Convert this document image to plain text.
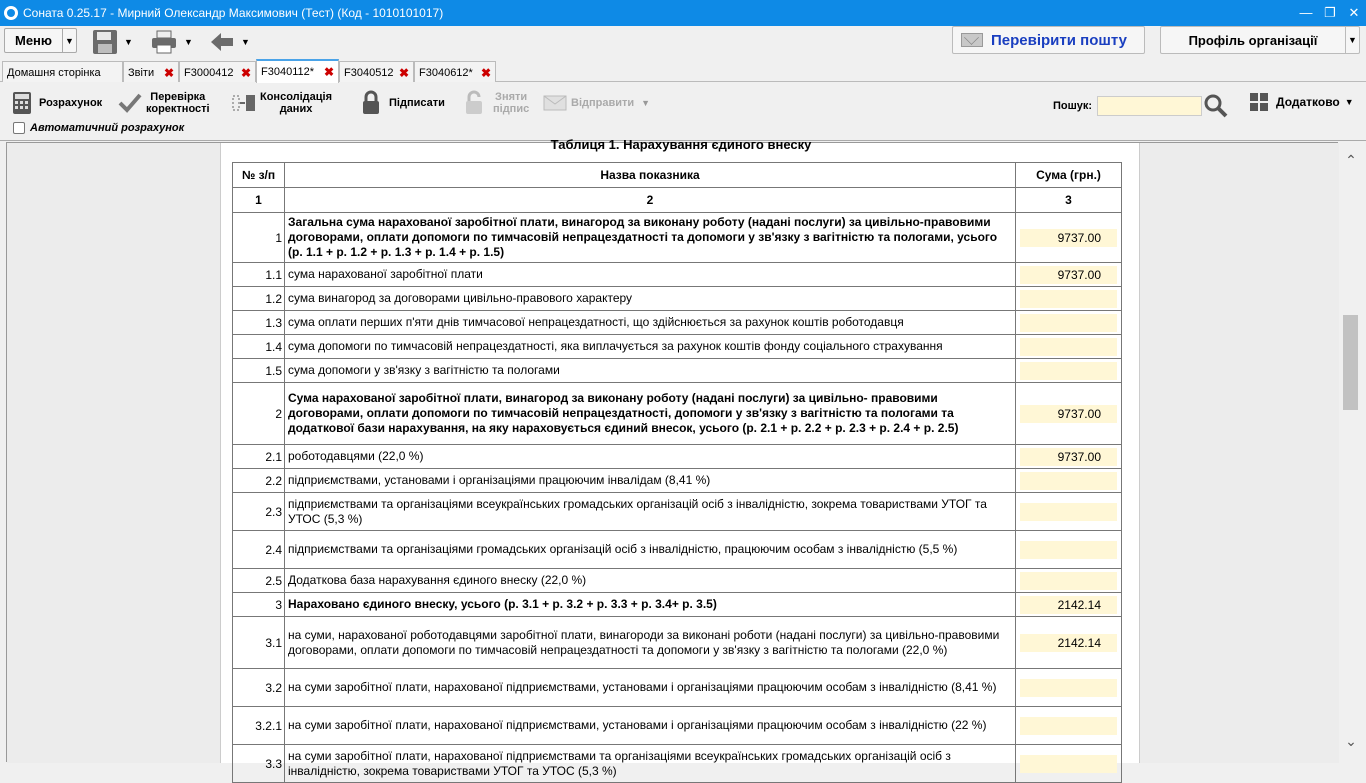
Соната 0.25.17 - Мирний Олександр Максимович (Тест) (Код - 1010101017)	— ❐ ✕
Меню	▼	▼	▼	▼	Перевірити пошту	Профіль організації	▼
Домашня сторінка	Звіти ✖ F3000412 ✖ F3040112* ✖ F3040512 ✖ F3040612* ✖
Розрахунок	Перевірка
коректності
Консолідація
даних	Підписати	Зняти
підпис	Відправити ▼	Пошук:	Додатково ▼
Автоматичний розрахунок
Таблиця 1. Нарахування єдиного внеску
№ з/п	Назва показника	Сума (грн.)
1	2	3
1	Загальна сума нарахованої заробітної плати, винагород за виконану роботу (надані послуги) за цивільно-правовими договорами, оплати допомоги по тимчасовій непрацездатності та допомоги у зв'язку з вагітністю та пологами, усього (р. 1.1 + р. 1.2 + р. 1.3 + р. 1.4 + р. 1.5)	9737.00

1.1	сума нарахованої заробітної плати	9737.00

1.2	сума винагород за договорами цивільно-правового характеру	

1.3	сума оплати перших п'яти днів тимчасової непрацездатності, що здійснюється за рахунок коштів роботодавця	

1.4	сума допомоги по тимчасовій непрацездатності, яка виплачується за рахунок коштів фонду соціального страхування	

1.5	сума допомоги у зв'язку з вагітністю та пологами	

2	Сума нарахованої заробітної плати, винагород за виконану роботу (надані послуги) за цивільно- правовими договорами, оплати допомоги по тимчасовій непрацездатності, допомоги у зв'язку з вагітністю та пологами та додаткової бази нарахування, на яку нараховується єдиний внесок, усього (р. 2.1 + р. 2.2 + р. 2.3 + р. 2.4 + р. 2.5)	9737.00

2.1	роботодавцями (22,0 %)	9737.00

2.2	підприємствами, установами і організаціями працюючим інвалідам (8,41 %)	

2.3	підприємствами та організаціями всеукраїнських громадських організацій осіб з інвалідністю, зокрема товариствами УТОГ та УТОС (5,3 %)	

2.4	підприємствами та організаціями громадських організацій осіб з інвалідністю, працюючим особам з інвалідністю (5,5 %)	

2.5	Додаткова база нарахування єдиного внеску (22,0 %)	

3	Нараховано єдиного внеску, усього (р. 3.1 + р. 3.2 + р. 3.3 + р. 3.4+ р. 3.5)	2142.14

3.1	на суми, нарахованої роботодавцями заробітної плати, винагороди за виконані роботи (надані послуги) за цивільно-правовими договорами, оплати допомоги по тимчасовій непрацездатності та допомоги у зв'язку з вагітністю та пологами (22,0 %)	2142.14

3.2	на суми заробітної плати, нарахованої підприємствами, установами і організаціями працюючим особам з інвалідністю (8,41 %)	

3.2.1	на суми заробітної плати, нарахованої підприємствами, установами і організаціями працюючим особам з інвалідністю (22 %)	

3.3	на суми заробітної плати, нарахованої підприємствами та організаціями всеукраїнських громадських організацій осіб з інвалідністю, зокрема товариствами УТОГ та УТОС (5,3 %)	
⌃
⌄
